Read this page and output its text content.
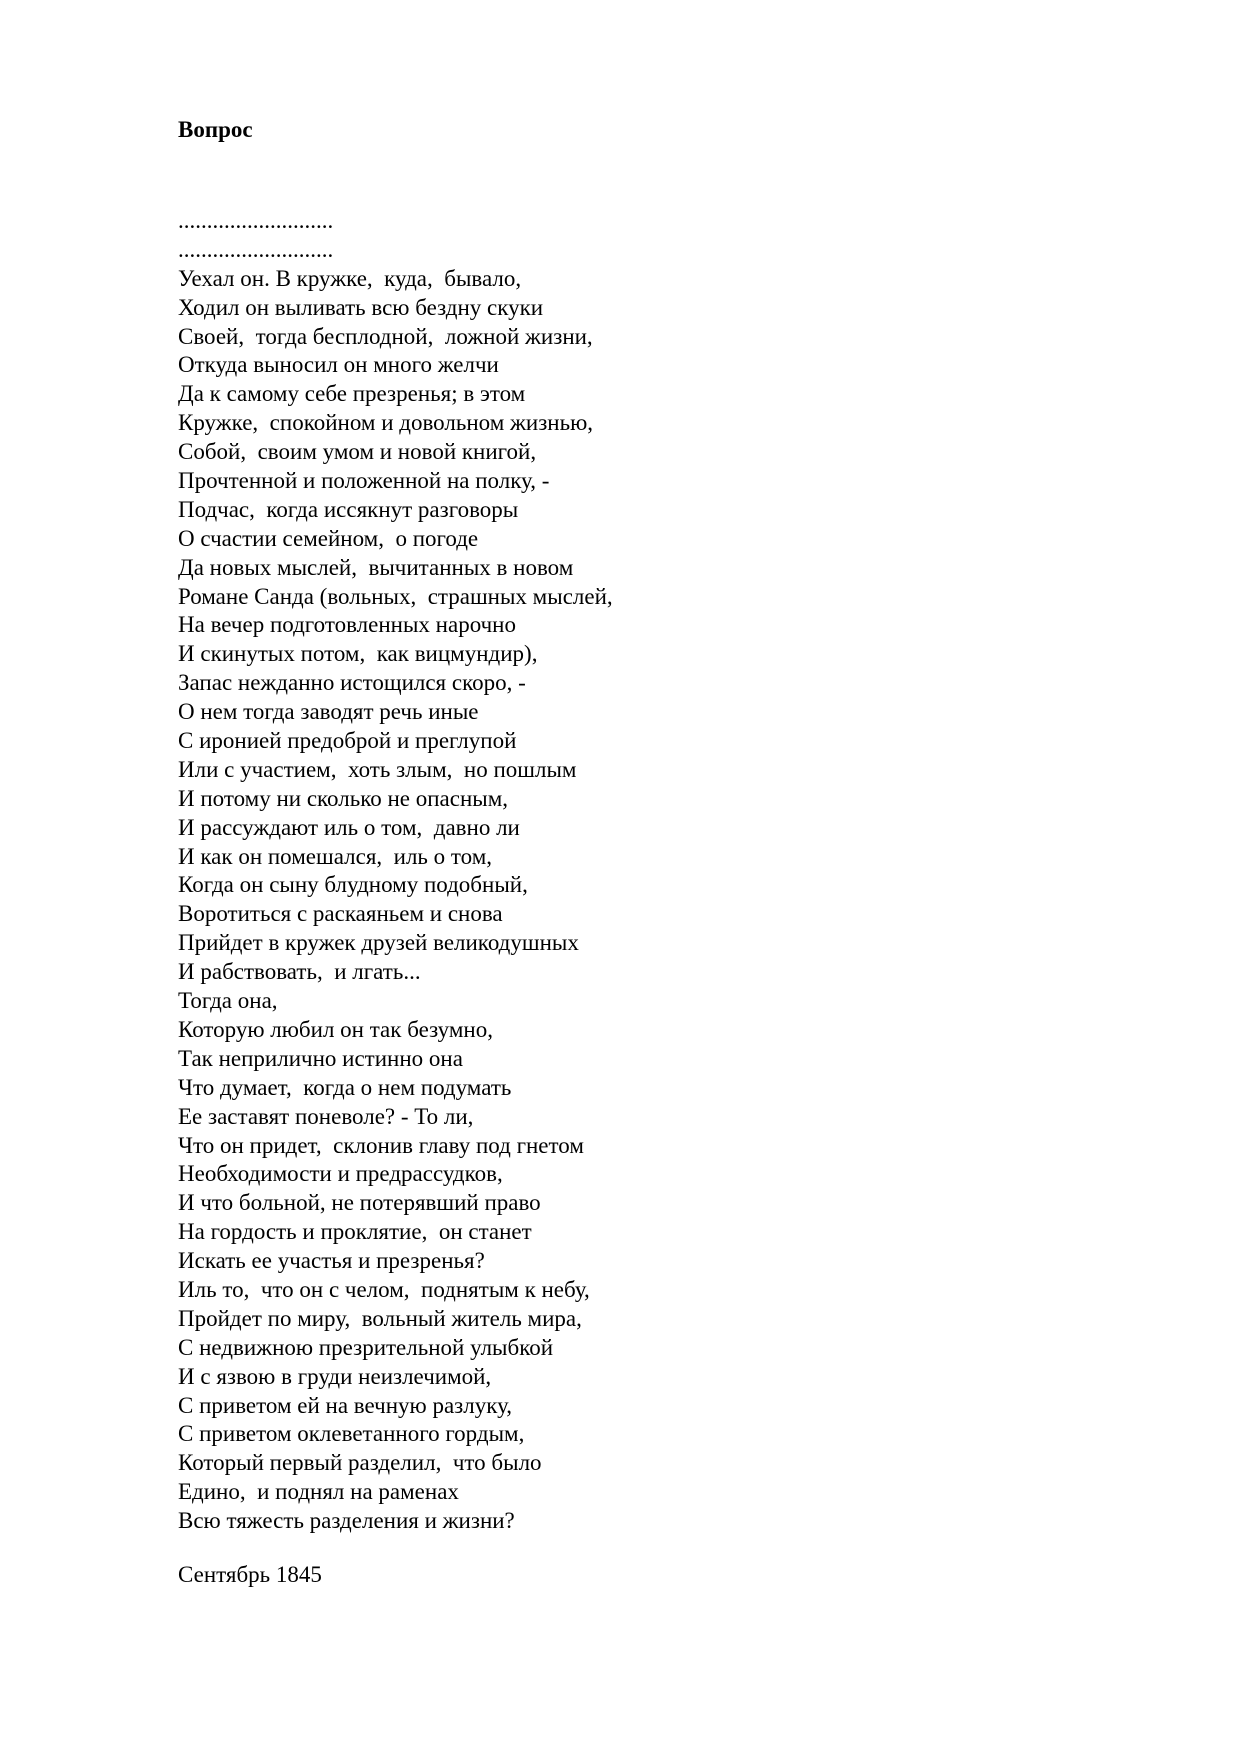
Вопрос
...........................
...........................
Уехал он. В кружке,  куда,  бывало,
Ходил он выливать всю бездну скуки
Своей,  тогда бесплодной,  ложной жизни,
Откуда выносил он много желчи
Да к самому себе презренья; в этом
Кружке,  спокойном и довольном жизнью,
Собой,  своим умом и новой книгой,
Прочтенной и положенной на полку, -
Подчас,  когда иссякнут разговоры
О счастии семейном,  о погоде
Да новых мыслей,  вычитанных в новом
Романе Санда (вольных,  страшных мыслей,
На вечер подготовленных нарочно
И скинутых потом,  как вицмундир),
Запас нежданно истощился скоро, -
О нем тогда заводят речь иные
С иронией предоброй и преглупой
Или с участием,  хоть злым,  но пошлым
И потому ни сколько не опасным,
И рассуждают иль о том,  давно ли
И как он помешался,  иль о том,
Когда он сыну блудному подобный,
Воротиться с раскаяньем и снова
Прийдет в кружек друзей великодушных
И рабствовать,  и лгать...
Тогда она,
Которую любил он так безумно,
Так неприлично истинно она
Что думает,  когда о нем подумать
Ее заставят поневоле? - То ли,
Что он придет,  склонив главу под гнетом
Необходимости и предрассудков,
И что больной, не потерявший право
На гордость и проклятие,  он станет
Искать ее участья и презренья?
Иль то,  что он с челом,  поднятым к небу,
Пройдет по миру,  вольный житель мира,
С недвижною презрительной улыбкой
И с язвою в груди неизлечимой,
С приветом ей на вечную разлуку,
С приветом оклеветанного гордым,
Который первый разделил,  что было
Едино,  и поднял на раменах
Всю тяжесть разделения и жизни?
Сентябрь 1845
